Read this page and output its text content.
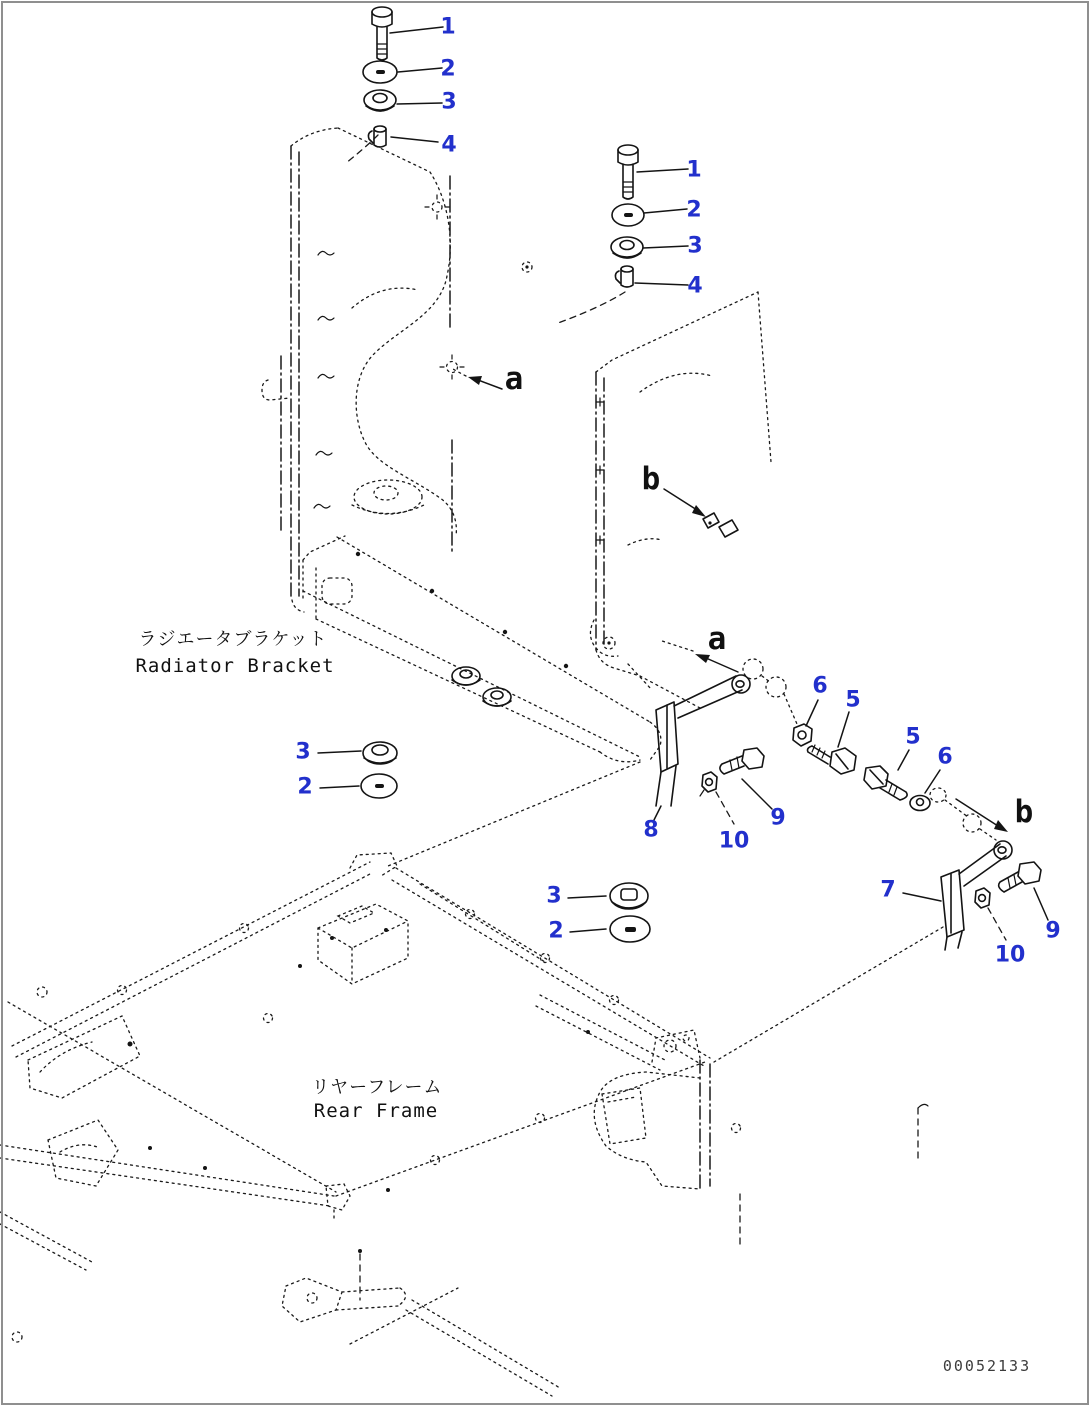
1
2
3
4
1
2
3
4
3
2
3
2
6
5
8	9
10
5
6
7
9
10
a
a
b
b
ラジエータブラケット
Radiator Bracket
リヤーフレーム
Rear Frame
00052133
